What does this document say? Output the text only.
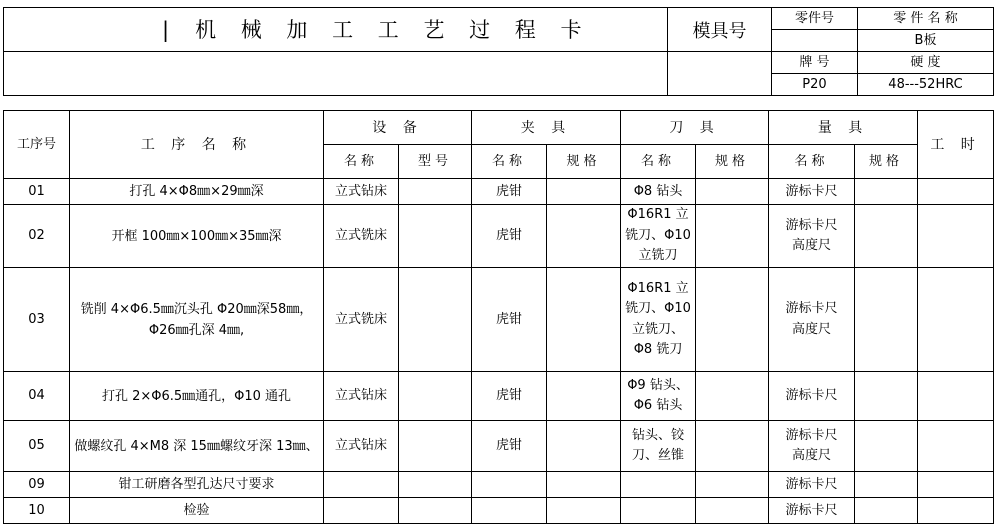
| 机 械 加 工 工 艺 过 程 卡	模具号	零件号	零 件 名 称
			B板
		牌 号	硬 度
		P20	48---52HRC
工序号	工 序 名 称	设 备		夹 具		刀 具		量 具		工 时
		名称	型号	名称	规格	名称	规格	名称	规格	
01	打孔 4×Φ8㎜×29㎜深	立式钻床		虎钳		Φ8 钻头		游标卡尺		
02	开框 100㎜×100㎜×35㎜深	立式铣床		虎钳		Φ16R1 立铣刀、Φ10 立铣刀		游标卡尺
高度尺		
03	铣削 4×Φ6.5㎜沉头孔 Φ20㎜深58㎜，
Φ26㎜孔深 4㎜,	立式铣床		虎钳		Φ16R1 立铣刀、Φ10 立铣刀、Φ8 铣刀		游标卡尺
高度尺		
04	打孔 2×Φ6.5㎜通孔，Φ10 通孔	立式钻床		虎钳		Φ9 钻头、Φ6 钻头		游标卡尺		
05	做螺纹孔 4×M8 深 15㎜螺纹牙深 13㎜、	立式钻床		虎钳		钻头、铰刀、丝锥		游标卡尺
高度尺		
09	钳工研磨各型孔达尺寸要求							游标卡尺		
10	检验							游标卡尺		
